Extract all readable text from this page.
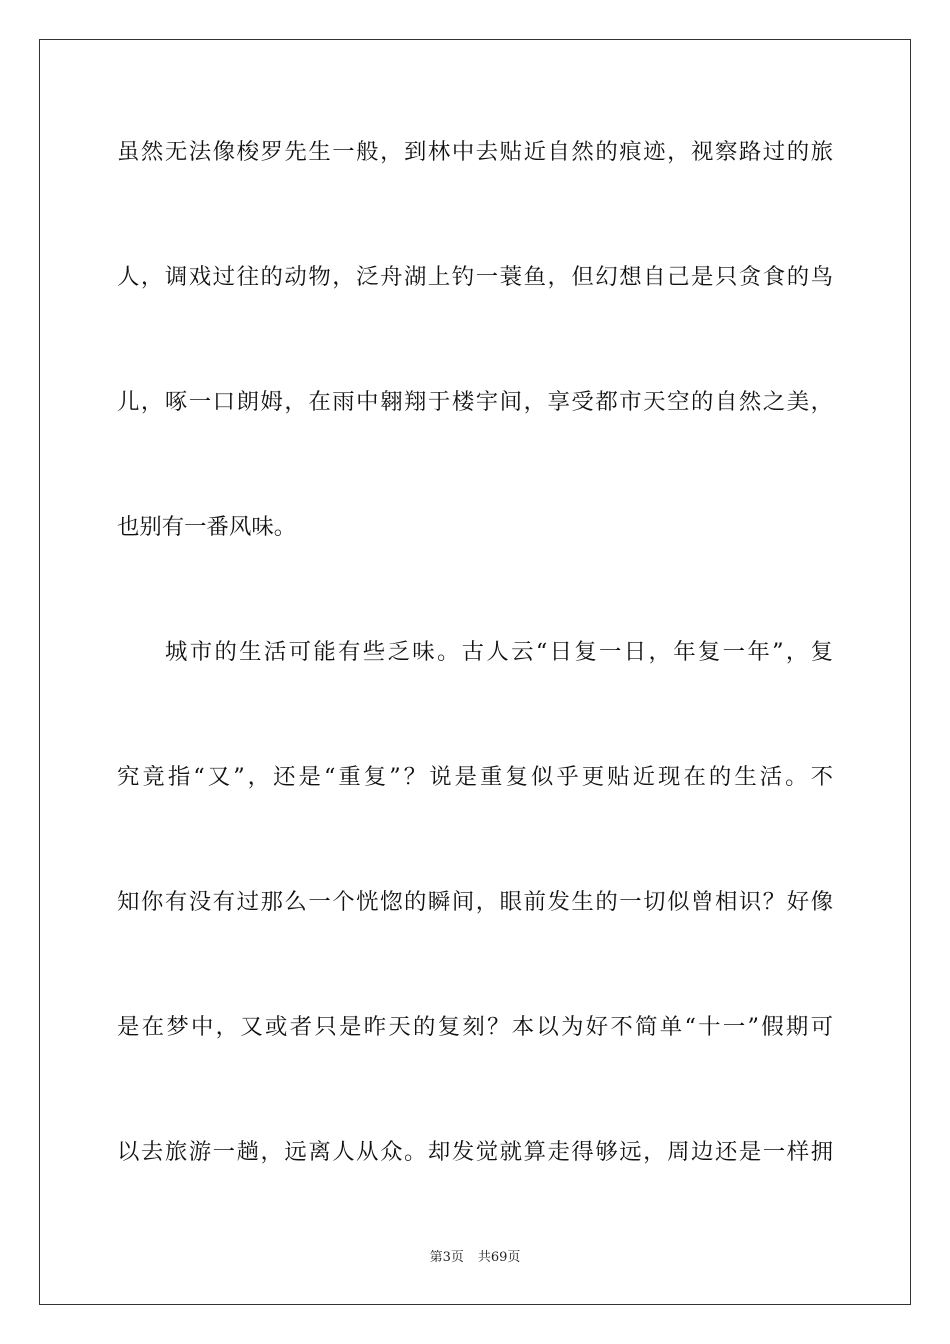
虽然无法像梭罗先生一般，到林中去贴近自然的痕迹，视察路过的旅
人，调戏过往的动物，泛舟湖上钓一蓑鱼，但幻想自己是只贪食的鸟
儿，啄一口朗姆，在雨中翱翔于楼宇间，享受都市天空的自然之美，
也别有一番风味。
城市的生活可能有些乏味。古人云“日复一日，年复一年”，复
究竟指“又”，还是“重复”？说是重复似乎更贴近现在的生活。不
知你有没有过那么一个恍惚的瞬间，眼前发生的一切似曾相识？好像
是在梦中，又或者只是昨天的复刻？本以为好不简单“十一”假期可
以去旅游一趟，远离人从众。却发觉就算走得够远，周边还是一样拥
第3页 共69页
